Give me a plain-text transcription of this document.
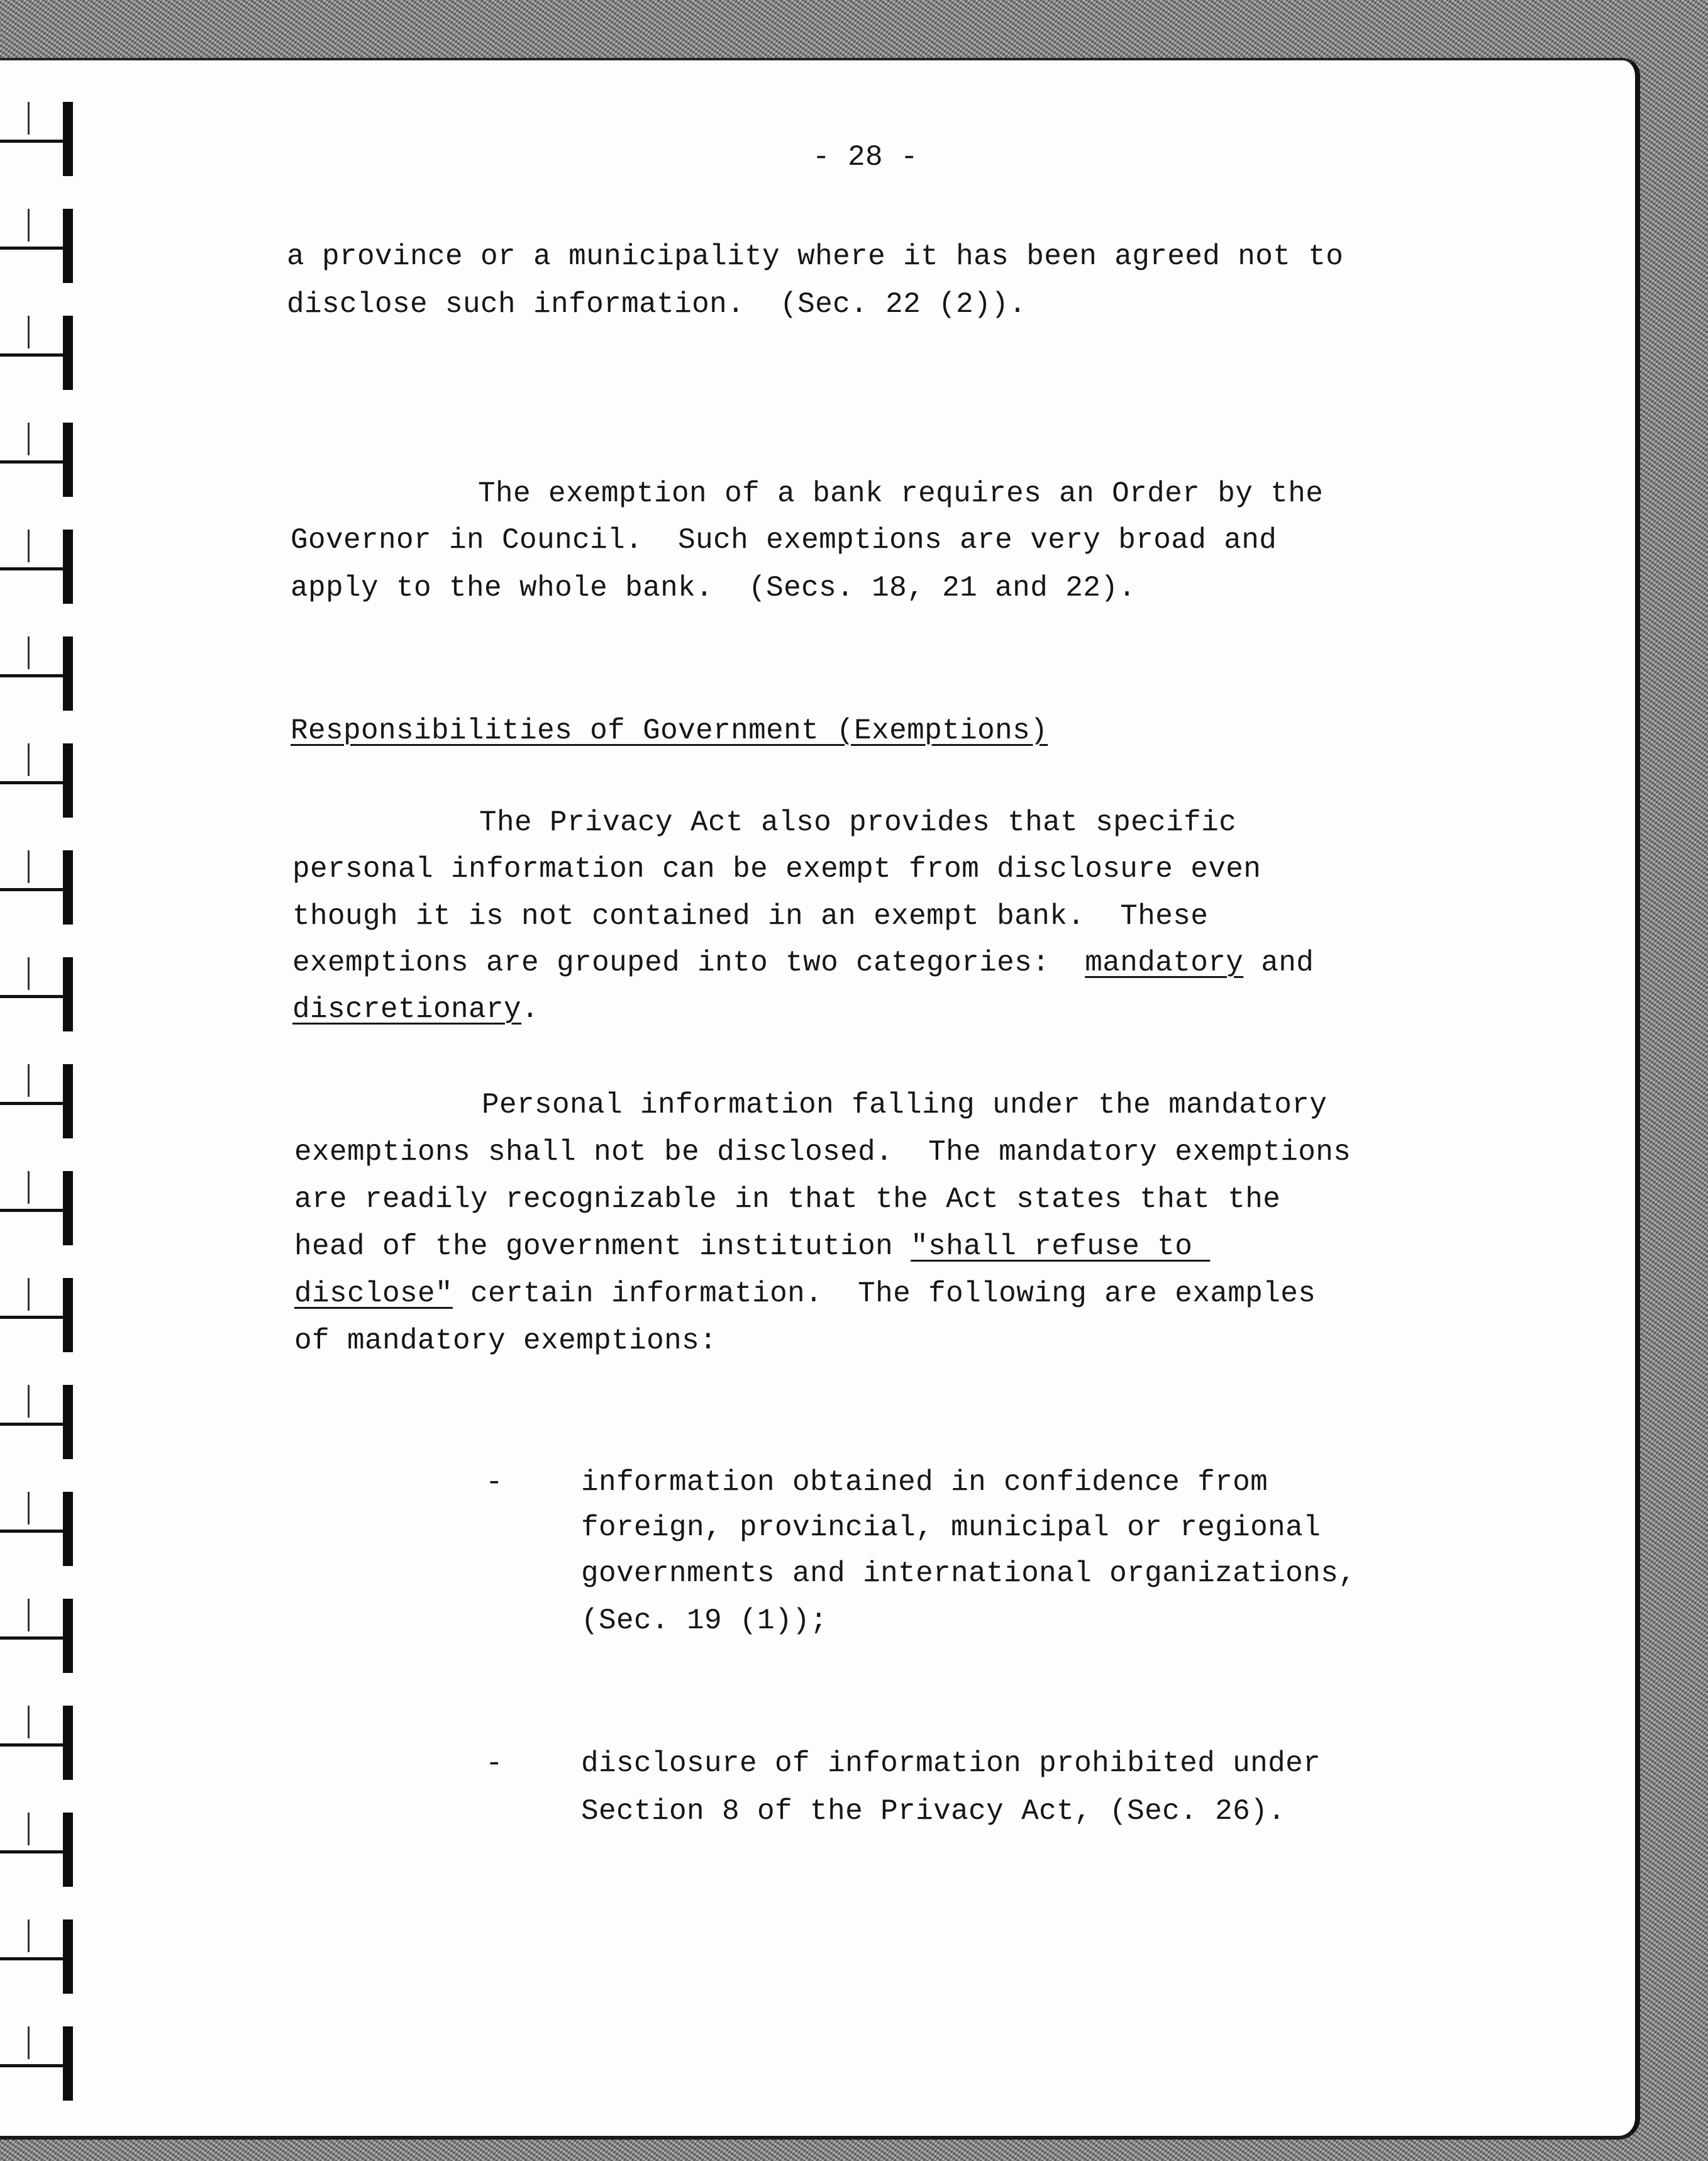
- 28 -
a province or a municipality where it has been agreed not to
disclose such information.  (Sec. 22 (2)).
The exemption of a bank requires an Order by the
Governor in Council.  Such exemptions are very broad and
apply to the whole bank.  (Secs. 18, 21 and 22).
Responsibilities of Government (Exemptions)
The Privacy Act also provides that specific
personal information can be exempt from disclosure even
though it is not contained in an exempt bank.  These
exemptions are grouped into two categories:  mandatory and
discretionary.
Personal information falling under the mandatory
exemptions shall not be disclosed.  The mandatory exemptions
are readily recognizable in that the Act states that the
head of the government institution "shall refuse to
disclose" certain information.  The following are examples
of mandatory exemptions:
-	information obtained in confidence from
foreign, provincial, municipal or regional
governments and international organizations,
(Sec. 19 (1));
-	disclosure of information prohibited under
Section 8 of the Privacy Act, (Sec. 26).
